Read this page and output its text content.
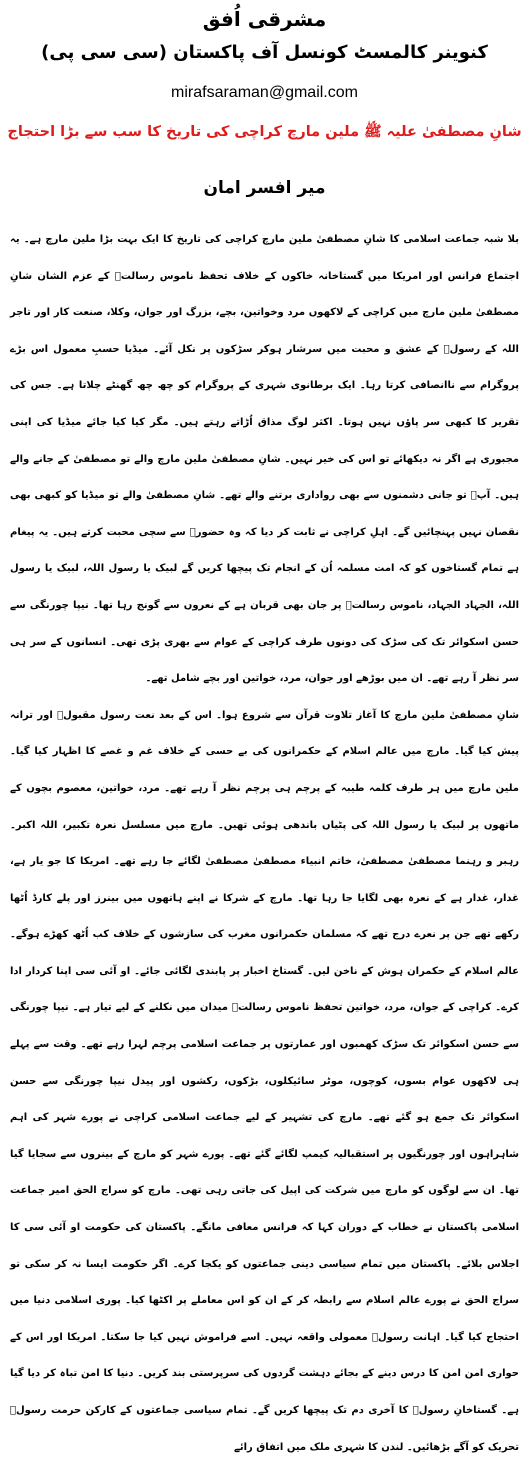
مشرقی اُفق
کنوینر کالمسٹ کونسل آف پاکستان (سی سی پی)
mirafsaraman@gmail.com
شانِ مصطفیٰ علیہ ﷺ ملین مارچ کراچی کی تاریخ کا سب سے بڑا احتجاج
میر افسر امان

بلا شبہ جماعت اسلامی کا شانِ مصطفیٰ ملین مارچ کراچی کی تاریخ کا ایک بہت بڑا ملین مارچ ہے۔ یہ اجتماع فرانس اور امریکا میں گستاخانہ خاکوں کے خلاف تحفظ ناموس رسالتؐ کے عزم الشان شانِ مصطفیٰ ملین مارچ میں کراچی کے لاکھوں مرد وخواتین، بچے، بزرگ اور جوان، وکلا، صنعت کار اور تاجر اللہ کے رسولؐ کے عشق و محبت میں سرشار ہوکر سڑکوں پر نکل آئے۔ میڈیا حسبِ معمول اس بڑے پروگرام سے ناانصافی کرتا رہا۔ ایک برطانوی شہری کے پروگرام کو چھ چھ گھنٹے چلاتا ہے۔ جس کی تقریر کا کبھی سر پاؤں نہیں ہوتا۔ اکثر لوگ مذاق اُڑاتے رہتے ہیں۔ مگر کیا کیا جائے میڈیا کی اپنی مجبوری ہے اگر نہ دیکھائے تو اس کی خیر نہیں۔ شانِ مصطفیٰ ملین مارچ والے تو مصطفیٰ کے جانے والے ہیں۔ آپؐ تو جانی دشمنوں سے بھی رواداری برتنے والے تھے۔ شانِ مصطفیٰ والے تو میڈیا کو کبھی بھی نقصان نہیں پہنچائیں گے۔ اہلِ کراچی نے ثابت کر دیا کہ وہ حضورؐ سے سچی محبت کرتے ہیں۔ یہ پیغام ہے تمام گستاخوں کو کہ امت مسلمہ اُن کے انجام تک پیچھا کریں گے لبیک یا رسول اللہ، لبیک یا رسول اللہ، الجہاد الجہاد، ناموس رسالتؐ پر جان بھی قربان ہے کے نعروں سے گونج رہا تھا۔ نیپا چورنگی سے حسن اسکوائر تک کی سڑک کی دونوں طرف کراچی کے عوام سے بھری پڑی تھی۔ انسانوں کے سر ہی سر نظر آ رہے تھے۔ ان میں بوڑھے اور جوان، مرد، خواتین اور بچے شامل تھے۔

شانِ مصطفیٰ ملین مارچ کا آغاز تلاوت قرآن سے شروع ہوا۔ اس کے بعد نعت رسول مقبولؐ اور ترانہ پیش کیا گیا۔ مارچ میں عالم اسلام کے حکمرانوں کی بے حسی کے خلاف غم و غصے کا اظہار کیا گیا۔ ملین مارچ میں ہر طرف کلمہ طیبہ کے پرچم ہی پرچم نظر آ رہے تھے۔ مرد، خواتین، معصوم بچوں کے ماتھوں پر لبیک یا رسول اللہ کی پٹیاں باندھی ہوئی تھیں۔ مارچ میں مسلسل نعرہ تکبیر، اللہ اکبر۔ رہبر و رہنما مصطفیٰ مصطفیٰ، خاتم انبیاء مصطفیٰ مصطفیٰ لگائے جا رہے تھے۔ امریکا کا جو یار ہے، غدار، غدار ہے کے نعرہ بھی لگایا جا رہا تھا۔ مارچ کے شرکا نے اپنے ہاتھوں میں بینرز اور پلے کارڈ اُٹھا رکھے تھے جن پر نعرے درج تھے کہ مسلمان حکمرانوں مغرب کی سازشوں کے خلاف کب اُٹھ کھڑے ہوگے۔ عالم اسلام کے حکمران ہوش کے ناخن لیں۔ گستاخ اخبار پر پابندی لگائی جائے۔ او آئی سی اپنا کردار ادا کرے۔ کراچی کے جوان، مرد، خواتین تحفظ ناموس رسالتؐ میدان میں نکلنے کے لیے تیار ہے۔ نیپا چورنگی سے حسن اسکوائر تک سڑک کھمبوں اور عمارتوں پر جماعت اسلامی پرچم لہرا رہے تھے۔ وقت سے پہلے ہی لاکھوں عوام بسوں، کوچوں، موٹر سائیکلوں، بڑکوں، رکشوں اور پیدل نیپا چورنگی سے حسن اسکوائر تک جمع ہو گئے تھے۔ مارچ کی تشہیر کے لیے جماعت اسلامی کراچی نے پورے شہر کی اہم شاہراہوں اور چورنگیوں پر استقبالیہ کیمپ لگائے گئے تھے۔ پورے شہر کو مارچ کے بینروں سے سجایا گیا تھا۔ ان سے لوگوں کو مارچ میں شرکت کی اپیل کی جاتی رہی تھی۔ مارچ کو سراج الحق امیر جماعت اسلامی پاکستان نے خطاب کے دوران کہا کہ فرانس معافی مانگے۔ پاکستان کی حکومت او آئی سی کا اجلاس بلائے۔ پاکستان میں تمام سیاسی دینی جماعتوں کو یکجا کرے۔ اگر حکومت ایسا نہ کر سکی تو سراج الحق نے پورے عالم اسلام سے رابطہ کر کے ان کو اس معاملے پر اکٹھا کیا۔ پوری اسلامی دنیا میں احتجاج کیا گیا۔ اہانت رسولؐ معمولی واقعہ نہیں۔ اسے فراموش نہیں کیا جا سکتا۔ امریکا اور اس کے حواری امن امن کا درس دینے کے بجائے دہشت گردوں کی سرپرستی بند کریں۔ دنیا کا امن تباہ کر دیا گیا ہے۔ گستاخانِ رسولؐ کا آخری دم تک پیچھا کریں گے۔ تمام سیاسی جماعتوں کے کارکن حرمت رسولؐ تحریک کو آگے بڑھائیں۔ لندن کا شہری ملک میں اتفاق رائے
